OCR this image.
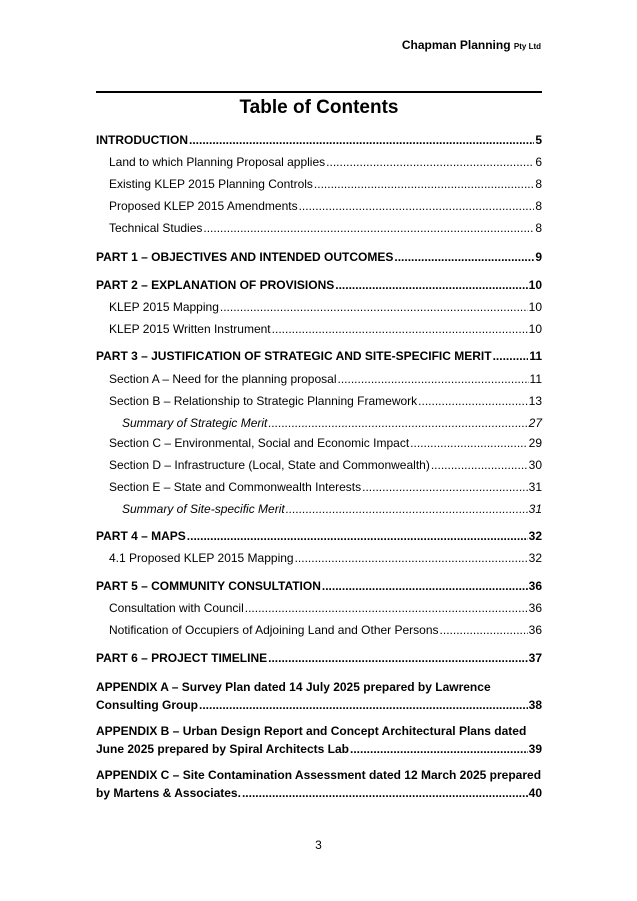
Chapman Planning Pty Ltd
Table of Contents
INTRODUCTION .....	5
Land to which Planning Proposal applies .....	6
Existing KLEP 2015 Planning Controls .....	8
Proposed KLEP 2015 Amendments .....	8
Technical Studies .....	8
PART 1 – OBJECTIVES AND INTENDED OUTCOMES .....	9
PART 2 – EXPLANATION OF PROVISIONS .....	10
KLEP 2015 Mapping .....	10
KLEP 2015 Written Instrument .....	10
PART 3 – JUSTIFICATION OF STRATEGIC AND SITE-SPECIFIC MERIT .....	11
Section A – Need for the planning proposal .....	11
Section B – Relationship to Strategic Planning Framework .....	13
Summary of Strategic Merit .....	27
Section C – Environmental, Social and Economic Impact .....	29
Section D – Infrastructure (Local, State and Commonwealth) .....	30
Section E – State and Commonwealth Interests .....	31
Summary of Site-specific Merit .....	31
PART 4 – MAPS .....	32
4.1 Proposed KLEP 2015 Mapping .....	32
PART 5 – COMMUNITY CONSULTATION .....	36
Consultation with Council .....	36
Notification of Occupiers of Adjoining Land and Other Persons .....	36
PART 6 – PROJECT TIMELINE .....	37
APPENDIX A – Survey Plan dated 14 July 2025 prepared by Lawrence
Consulting Group .....	38
APPENDIX B – Urban Design Report and Concept Architectural Plans dated
June 2025 prepared by Spiral Architects Lab .....	39
APPENDIX C – Site Contamination Assessment dated 12 March 2025 prepared
by Martens & Associates. .....	40
3
